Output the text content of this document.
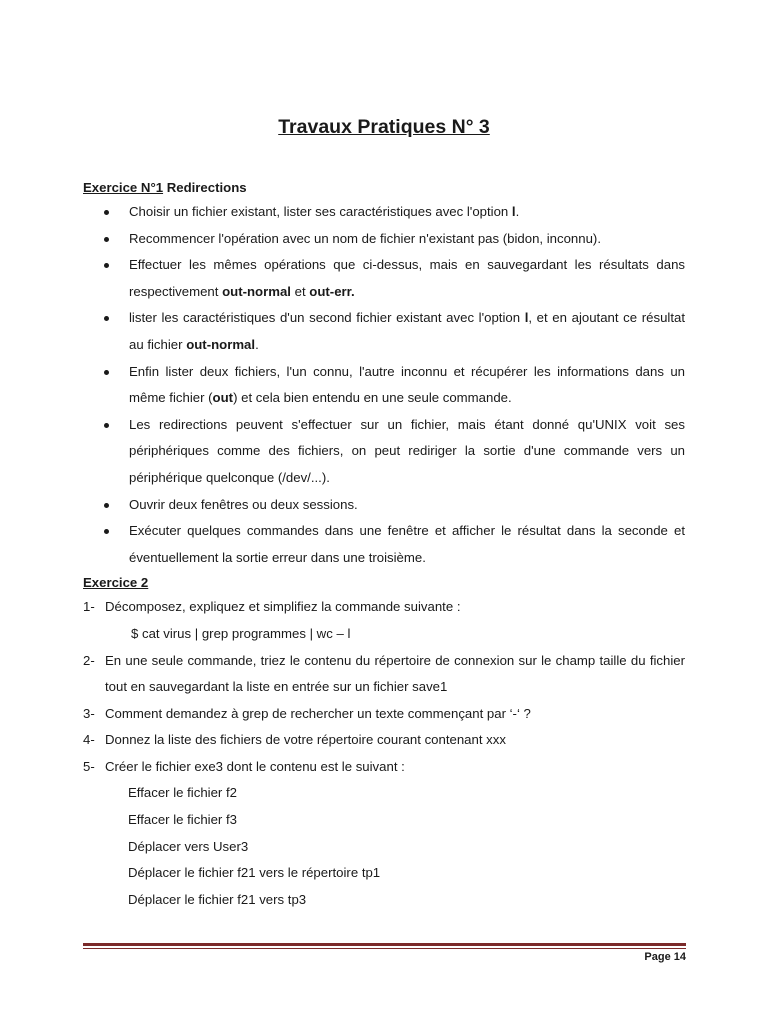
Travaux Pratiques N° 3
Exercice N°1 Redirections
Choisir un fichier existant, lister ses caractéristiques avec l'option l.
Recommencer l'opération avec un nom de fichier n'existant pas (bidon, inconnu).
Effectuer les mêmes opérations que ci-dessus, mais en sauvegardant les résultats dans respectivement out-normal et out-err.
lister les caractéristiques d'un second fichier existant avec l'option l, et en ajoutant ce résultat au fichier out-normal.
Enfin lister deux fichiers, l'un connu, l'autre inconnu et récupérer les informations dans un même fichier (out) et cela bien entendu en une seule commande.
Les redirections peuvent s'effectuer sur un fichier, mais étant donné qu'UNIX voit ses périphériques comme des fichiers, on peut rediriger la sortie d'une commande vers un périphérique quelconque (/dev/...).
Ouvrir deux fenêtres ou deux sessions.
Exécuter quelques commandes dans une fenêtre et afficher le résultat dans la seconde et éventuellement la sortie erreur dans une troisième.
Exercice 2
1- Décomposez, expliquez et simplifiez la commande suivante :
$ cat virus | grep programmes | wc – l
2- En une seule commande, triez le contenu du répertoire de connexion sur le champ taille du fichier tout en sauvegardant la liste en entrée sur un fichier save1
3- Comment demandez à grep de rechercher un texte commençant par ‘-‘ ?
4- Donnez la liste des fichiers de votre répertoire courant contenant xxx
5- Créer le fichier exe3 dont le contenu est le suivant :
Effacer le fichier f2
Effacer le fichier f3
Déplacer vers User3
Déplacer le fichier f21 vers le répertoire tp1
Déplacer le fichier f21 vers tp3
Page 14
